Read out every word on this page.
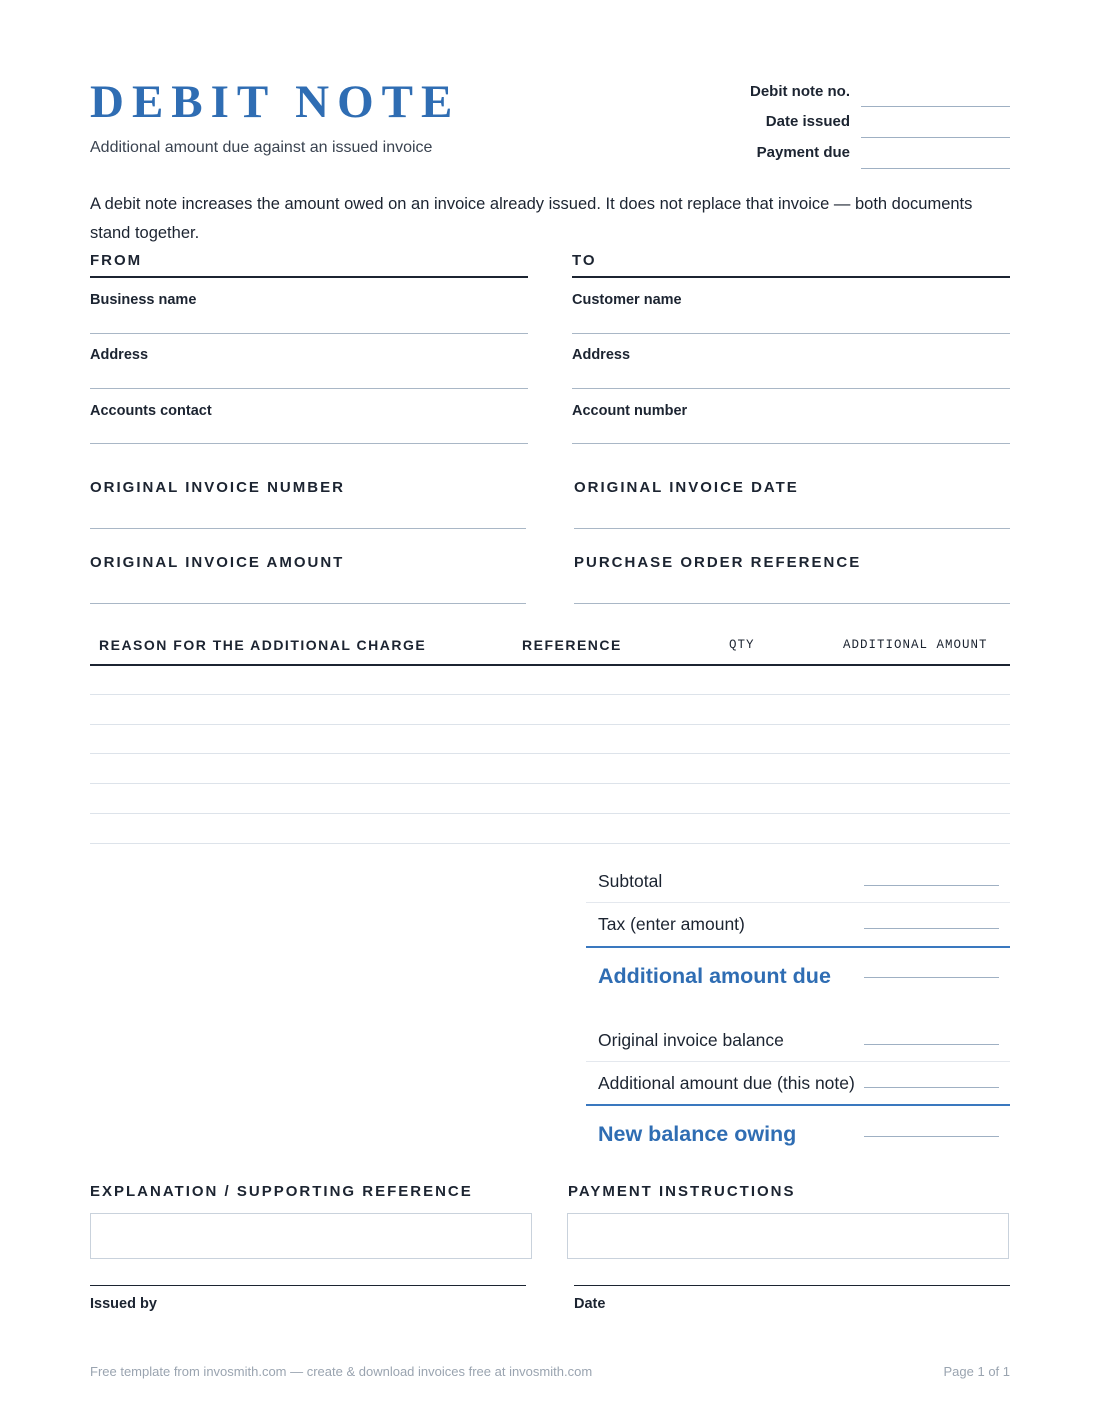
DEBIT NOTE
Additional amount due against an issued invoice
Debit note no.
Date issued
Payment due
A debit note increases the amount owed on an invoice already issued. It does not replace that invoice — both documents stand together.
FROM
Business name
Address
Accounts contact
TO
Customer name
Address
Account number
ORIGINAL INVOICE NUMBER	ORIGINAL INVOICE DATE
ORIGINAL INVOICE AMOUNT	PURCHASE ORDER REFERENCE
REASON FOR THE ADDITIONAL CHARGE	REFERENCE	QTY	ADDITIONAL AMOUNT
Subtotal
Tax (enter amount)
Additional amount due
Original invoice balance
Additional amount due (this note)
New balance owing
EXPLANATION / SUPPORTING REFERENCE	PAYMENT INSTRUCTIONS
Issued by	Date
Free template from invosmith.com — create & download invoices free at invosmith.com	Page 1 of 1
